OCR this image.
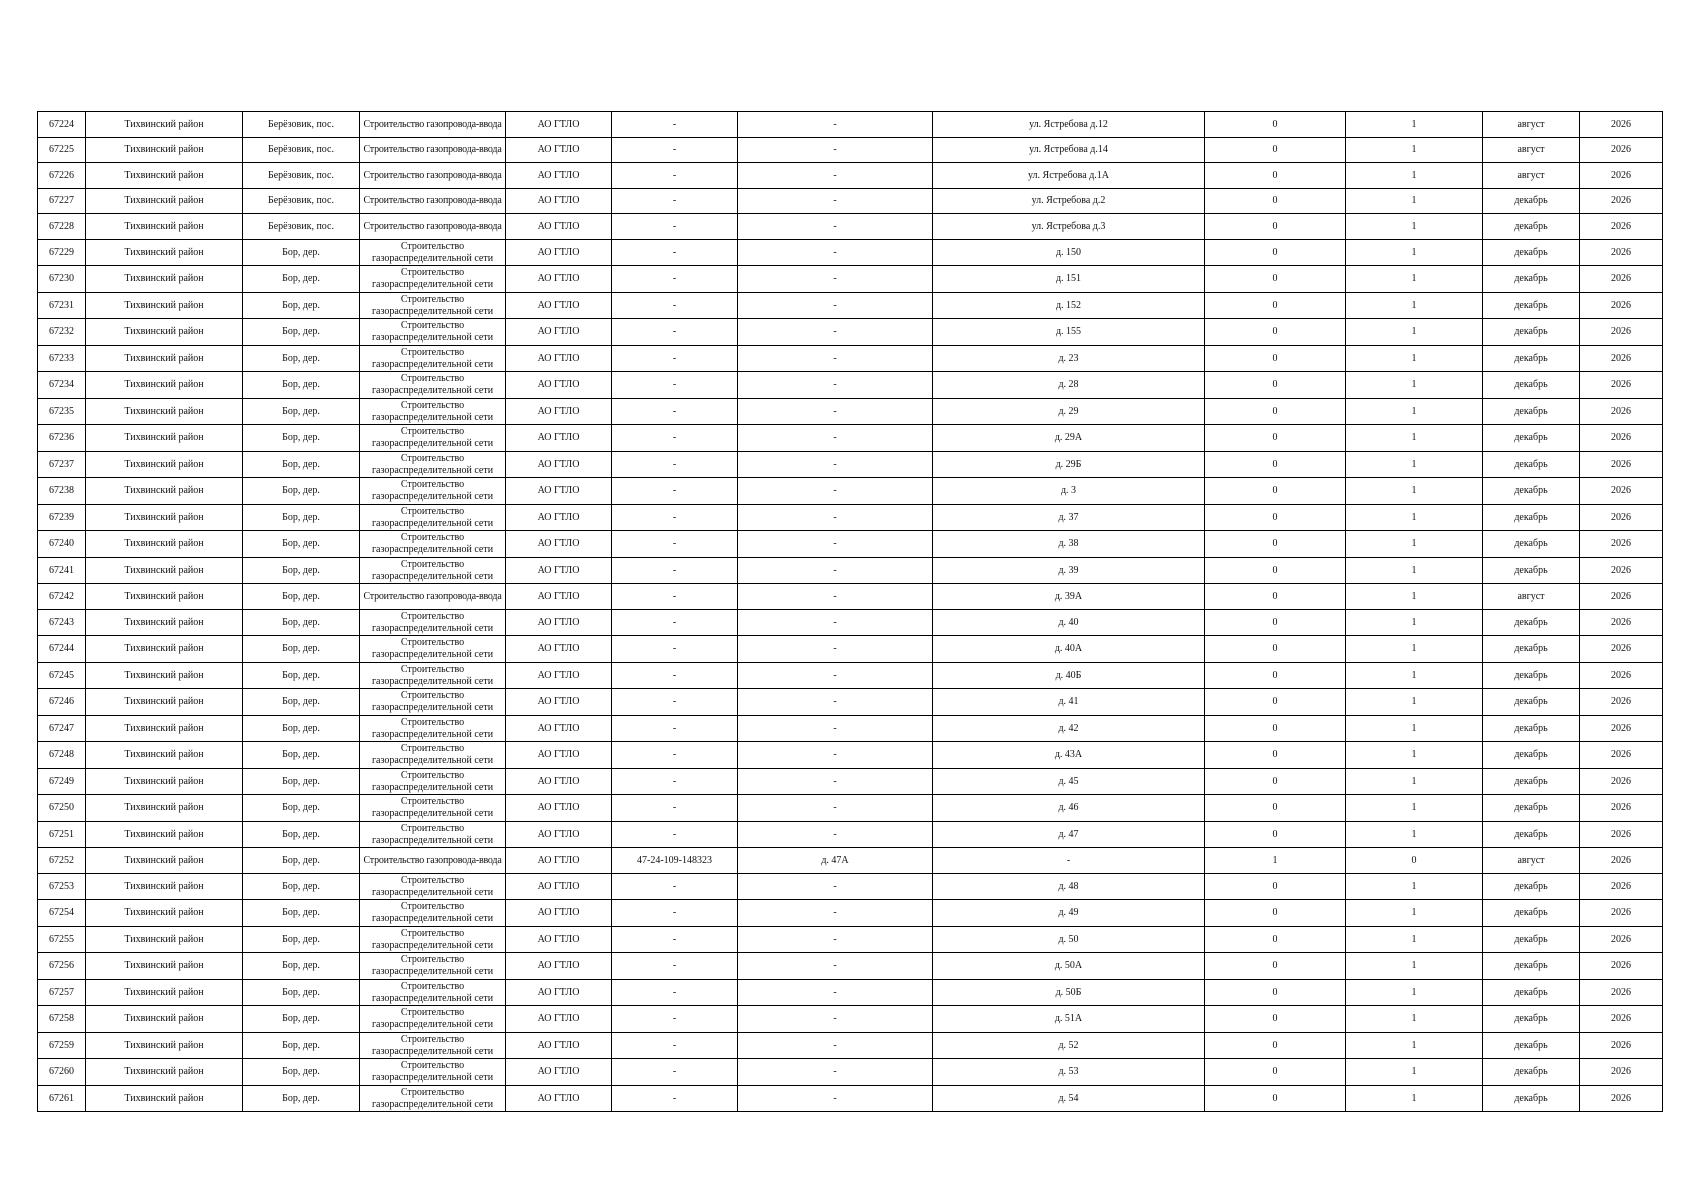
67224	Тихвинский район	Берёзовик, пос.	Строительство газопровода-ввода	АО ГТЛО	-	-	ул. Ястребова д.12	0	1	август	2026
67225	Тихвинский район	Берёзовик, пос.	Строительство газопровода-ввода	АО ГТЛО	-	-	ул. Ястребова д.14	0	1	август	2026
67226	Тихвинский район	Берёзовик, пос.	Строительство газопровода-ввода	АО ГТЛО	-	-	ул. Ястребова д.1А	0	1	август	2026
67227	Тихвинский район	Берёзовик, пос.	Строительство газопровода-ввода	АО ГТЛО	-	-	ул. Ястребова д.2	0	1	декабрь	2026
67228	Тихвинский район	Берёзовик, пос.	Строительство газопровода-ввода	АО ГТЛО	-	-	ул. Ястребова д.3	0	1	декабрь	2026
67229	Тихвинский район	Бор, дер.	Строительство газораспределительной сети	АО ГТЛО	-	-	д. 150	0	1	декабрь	2026
67230	Тихвинский район	Бор, дер.	Строительство газораспределительной сети	АО ГТЛО	-	-	д. 151	0	1	декабрь	2026
67231	Тихвинский район	Бор, дер.	Строительство газораспределительной сети	АО ГТЛО	-	-	д. 152	0	1	декабрь	2026
67232	Тихвинский район	Бор, дер.	Строительство газораспределительной сети	АО ГТЛО	-	-	д. 155	0	1	декабрь	2026
67233	Тихвинский район	Бор, дер.	Строительство газораспределительной сети	АО ГТЛО	-	-	д. 23	0	1	декабрь	2026
67234	Тихвинский район	Бор, дер.	Строительство газораспределительной сети	АО ГТЛО	-	-	д. 28	0	1	декабрь	2026
67235	Тихвинский район	Бор, дер.	Строительство газораспределительной сети	АО ГТЛО	-	-	д. 29	0	1	декабрь	2026
67236	Тихвинский район	Бор, дер.	Строительство газораспределительной сети	АО ГТЛО	-	-	д. 29А	0	1	декабрь	2026
67237	Тихвинский район	Бор, дер.	Строительство газораспределительной сети	АО ГТЛО	-	-	д. 29Б	0	1	декабрь	2026
67238	Тихвинский район	Бор, дер.	Строительство газораспределительной сети	АО ГТЛО	-	-	д. 3	0	1	декабрь	2026
67239	Тихвинский район	Бор, дер.	Строительство газораспределительной сети	АО ГТЛО	-	-	д. 37	0	1	декабрь	2026
67240	Тихвинский район	Бор, дер.	Строительство газораспределительной сети	АО ГТЛО	-	-	д. 38	0	1	декабрь	2026
67241	Тихвинский район	Бор, дер.	Строительство газораспределительной сети	АО ГТЛО	-	-	д. 39	0	1	декабрь	2026
67242	Тихвинский район	Бор, дер.	Строительство газопровода-ввода	АО ГТЛО	-	-	д. 39А	0	1	август	2026
67243	Тихвинский район	Бор, дер.	Строительство газораспределительной сети	АО ГТЛО	-	-	д. 40	0	1	декабрь	2026
67244	Тихвинский район	Бор, дер.	Строительство газораспределительной сети	АО ГТЛО	-	-	д. 40А	0	1	декабрь	2026
67245	Тихвинский район	Бор, дер.	Строительство газораспределительной сети	АО ГТЛО	-	-	д. 40Б	0	1	декабрь	2026
67246	Тихвинский район	Бор, дер.	Строительство газораспределительной сети	АО ГТЛО	-	-	д. 41	0	1	декабрь	2026
67247	Тихвинский район	Бор, дер.	Строительство газораспределительной сети	АО ГТЛО	-	-	д. 42	0	1	декабрь	2026
67248	Тихвинский район	Бор, дер.	Строительство газораспределительной сети	АО ГТЛО	-	-	д. 43А	0	1	декабрь	2026
67249	Тихвинский район	Бор, дер.	Строительство газораспределительной сети	АО ГТЛО	-	-	д. 45	0	1	декабрь	2026
67250	Тихвинский район	Бор, дер.	Строительство газораспределительной сети	АО ГТЛО	-	-	д. 46	0	1	декабрь	2026
67251	Тихвинский район	Бор, дер.	Строительство газораспределительной сети	АО ГТЛО	-	-	д. 47	0	1	декабрь	2026
67252	Тихвинский район	Бор, дер.	Строительство газопровода-ввода	АО ГТЛО	47-24-109-148323	д. 47А	-	1	0	август	2026
67253	Тихвинский район	Бор, дер.	Строительство газораспределительной сети	АО ГТЛО	-	-	д. 48	0	1	декабрь	2026
67254	Тихвинский район	Бор, дер.	Строительство газораспределительной сети	АО ГТЛО	-	-	д. 49	0	1	декабрь	2026
67255	Тихвинский район	Бор, дер.	Строительство газораспределительной сети	АО ГТЛО	-	-	д. 50	0	1	декабрь	2026
67256	Тихвинский район	Бор, дер.	Строительство газораспределительной сети	АО ГТЛО	-	-	д. 50А	0	1	декабрь	2026
67257	Тихвинский район	Бор, дер.	Строительство газораспределительной сети	АО ГТЛО	-	-	д. 50Б	0	1	декабрь	2026
67258	Тихвинский район	Бор, дер.	Строительство газораспределительной сети	АО ГТЛО	-	-	д. 51А	0	1	декабрь	2026
67259	Тихвинский район	Бор, дер.	Строительство газораспределительной сети	АО ГТЛО	-	-	д. 52	0	1	декабрь	2026
67260	Тихвинский район	Бор, дер.	Строительство газораспределительной сети	АО ГТЛО	-	-	д. 53	0	1	декабрь	2026
67261	Тихвинский район	Бор, дер.	Строительство газораспределительной сети	АО ГТЛО	-	-	д. 54	0	1	декабрь	2026
